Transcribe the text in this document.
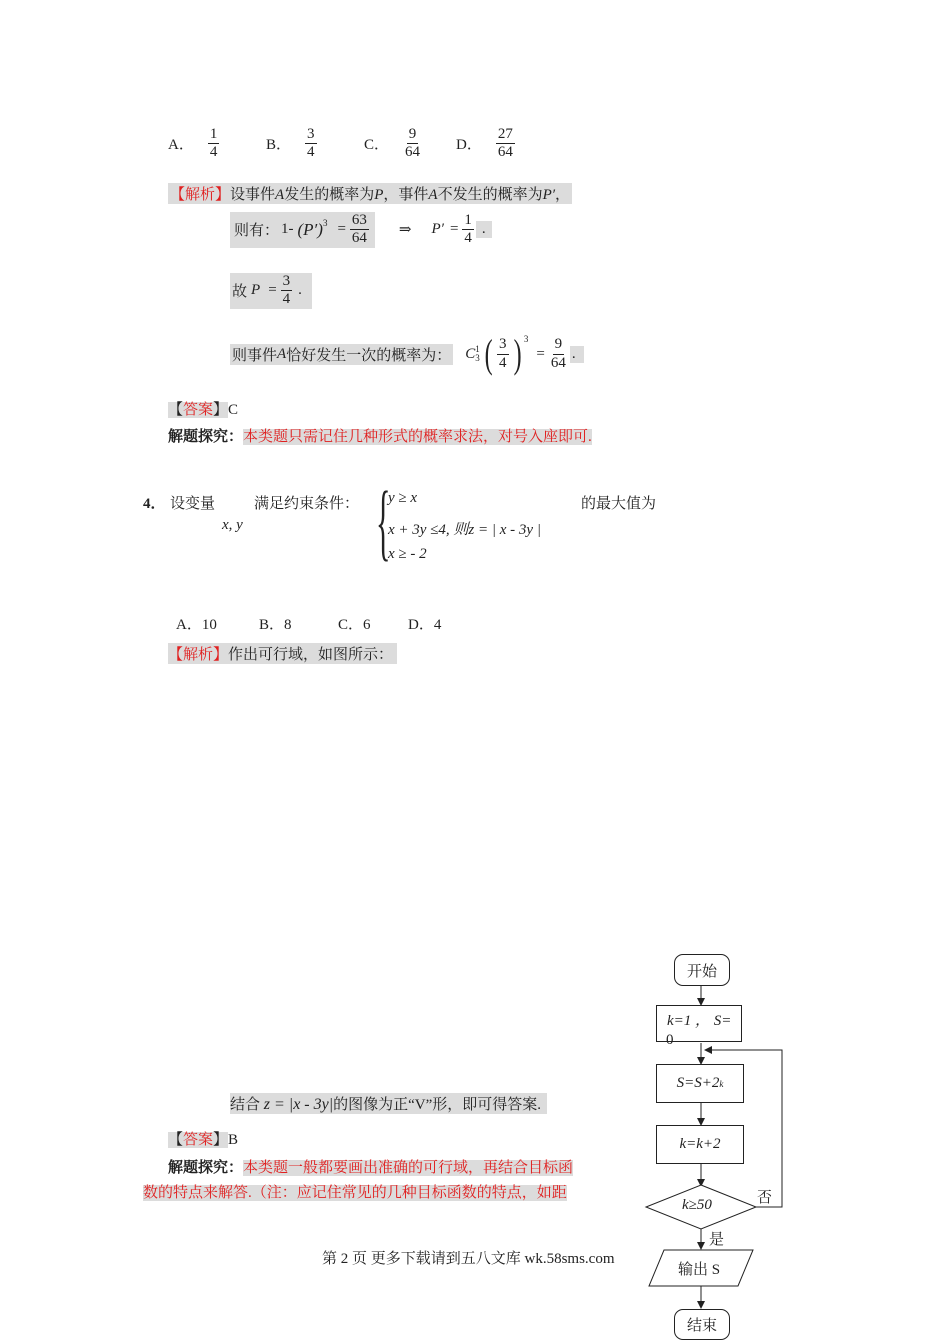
A． $\frac{1}{4}$	B． $\frac{3}{4}$	C． $\frac{9}{64}$ D． $\frac{27}{64}$
【解析】设事件A发生的概率为P，事件A不发生的概率为P′，
则有： 1- $(P')^3 = \frac{63}{64}$ ⇒ $P' = \frac{1}{4}$ .
故 $P = \frac{3}{4}$ .
则事件 A 恰好发生一次的概率为： C 1
3 ( $\frac{3}{4}$ ) $^3$
= $\frac{9}{64}$ .
【答案】C
解题探究：本类题只需记住几种形式的概率求法，对号入座即可.
4． 设变量
x, y
满足约束条件： {
y ≥ x
x + 3y ≤4, 则z = | x - 3y |
x ≥ - 2
的最大值为
A．10	B．8	C．6 D．4
【解析】作出可行域，如图所示：
结合 z = |x - 3y|的图像为正“V”形，即可得答案.
【答案】B
解题探究：本类题一般都要画出准确的可行域，再结合目标函
数的特点来解答.（注：应记住常见的几种目标函数的特点，如距
第 2 页 更多下载请到五八文库 wk.58sms.com
开始
k=1 ， S=
0
S=S+2 k
k=k+2
k≥50	否
是
输出 S
结束
